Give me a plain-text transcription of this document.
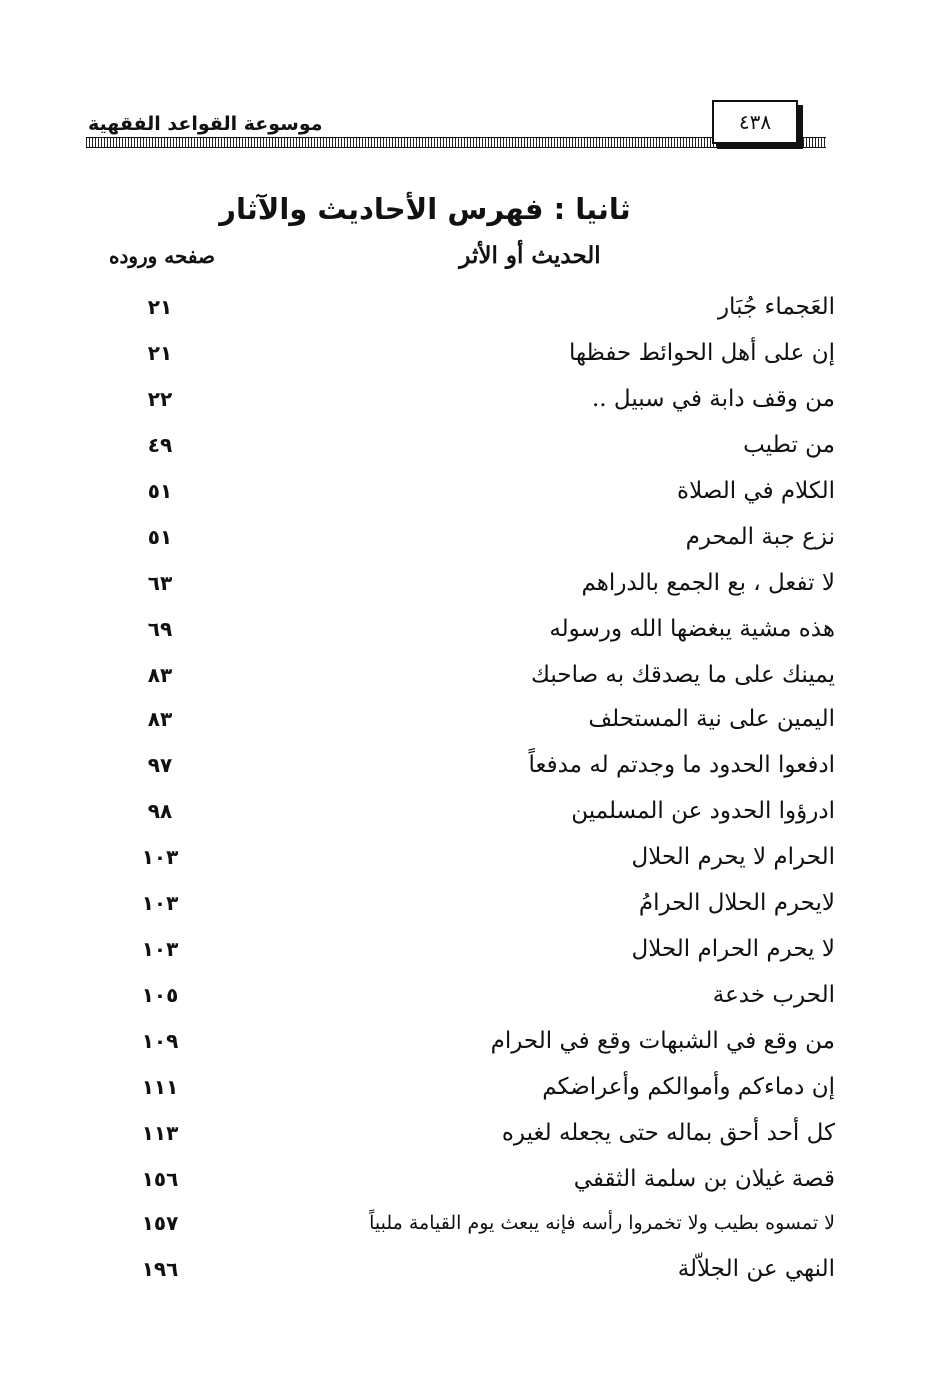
موسوعة القواعد الفقهية	٤٣٨
ثانيا : فهرس الأحاديث والآثار
الحديث أو الأثر
صفحه وروده
العَجماء جُبَار
٢١
إن على أهل الحوائط حفظها
٢١
من وقف دابة في سبيل ..
٢٢
من تطيب
٤٩
الكلام في الصلاة
٥١
نزع جبة المحرم
٥١
لا تفعل ، بع الجمع بالدراهم
٦٣
هذه مشية يبغضها الله ورسوله
٦٩
يمينك على ما يصدقك به صاحبك
٨٣
اليمين على نية المستحلف
٨٣
ادفعوا الحدود ما وجدتم له مدفعاً
٩٧
ادرؤوا الحدود عن المسلمين
٩٨
الحرام لا يحرم الحلال
١٠٣
لايحرم الحلال الحرامُ
١٠٣
لا يحرم الحرام الحلال
١٠٣
الحرب خدعة
١٠٥
من وقع في الشبهات وقع في الحرام
١٠٩
إن دماءكم وأموالكم وأعراضكم
١١١
كل أحد أحق بماله حتى يجعله لغيره
١١٣
قصة غيلان بن سلمة الثقفي
١٥٦
لا تمسوه بطيب ولا تخمروا رأسه فإنه يبعث يوم القيامة ملبياً
١٥٧
النهي عن الجلاّلة
١٩٦
